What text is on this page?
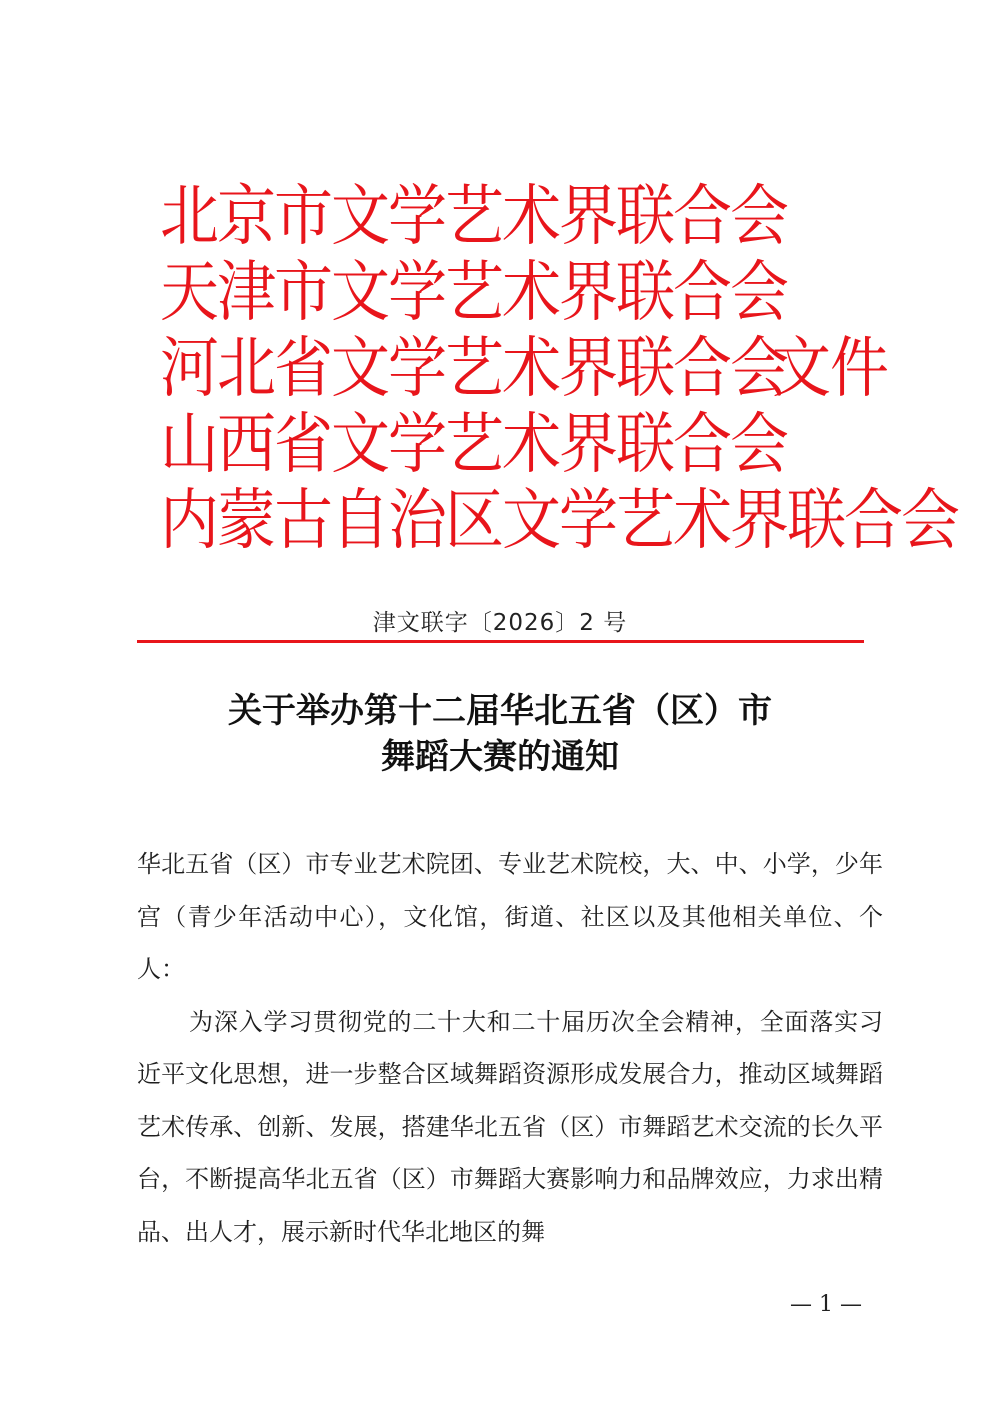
北京市文学艺术界联合会
天津市文学艺术界联合会
河北省文学艺术界联合会
山西省文学艺术界联合会
内蒙古自治区文学艺术界联合会
文件
津文联字〔2026〕2 号
关于举办第十二届华北五省（区）市
舞蹈大赛的通知

华北五省（区）市专业艺术院团、专业艺术院校，大、中、小学，少年宫（青少年活动中心），文化馆，街道、社区以及其他相关单位、个人：

为深入学习贯彻党的二十大和二十届历次全会精神，全面落实习近平文化思想，进一步整合区域舞蹈资源形成发展合力，推动区域舞蹈艺术传承、创新、发展，搭建华北五省（区）市舞蹈艺术交流的长久平台，不断提高华北五省（区）市舞蹈大赛影响力和品牌效应，力求出精品、出人才，展示新时代华北地区的舞

— 1 —
